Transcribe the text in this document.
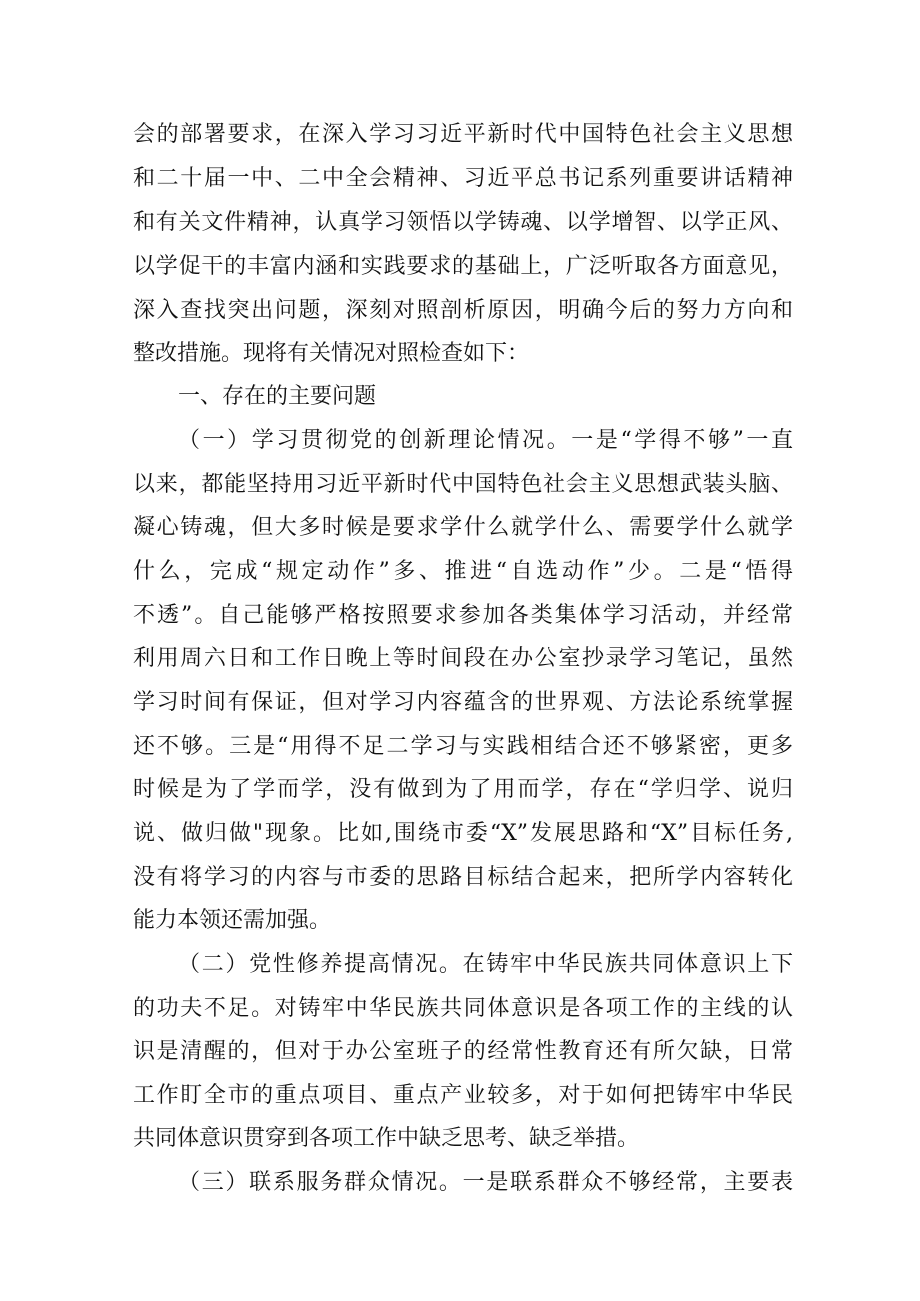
会的部署要求，在深入学习习近平新时代中国特色社会主义思想
和二十届一中、二中全会精神、习近平总书记系列重要讲话精神
和有关文件精神，认真学习领悟以学铸魂、以学增智、以学正风、
以学促干的丰富内涵和实践要求的基础上，广泛听取各方面意见，
深入查找突出问题，深刻对照剖析原因，明确今后的努力方向和
整改措施。现将有关情况对照检查如下：
一、存在的主要问题
（一）学习贯彻党的创新理论情况。一是“学得不够”一直
以来，都能坚持用习近平新时代中国特色社会主义思想武装头脑、
凝心铸魂，但大多时候是要求学什么就学什么、需要学什么就学
什么，完成“规定动作”多、推进“自选动作”少。二是“悟得
不透”。自己能够严格按照要求参加各类集体学习活动，并经常
利用周六日和工作日晚上等时间段在办公室抄录学习笔记，虽然
学习时间有保证，但对学习内容蕴含的世界观、方法论系统掌握
还不够。三是“用得不足二学习与实践相结合还不够紧密，更多
时候是为了学而学，没有做到为了用而学，存在“学归学、说归
说、做归做"现象。比如,围绕市委“X”发展思路和“X”目标任务,
没有将学习的内容与市委的思路目标结合起来，把所学内容转化
能力本领还需加强。
（二）党性修养提高情况。在铸牢中华民族共同体意识上下
的功夫不足。对铸牢中华民族共同体意识是各项工作的主线的认
识是清醒的，但对于办公室班子的经常性教育还有所欠缺，日常
工作盯全市的重点项目、重点产业较多，对于如何把铸牢中华民
共同体意识贯穿到各项工作中缺乏思考、缺乏举措。
（三）联系服务群众情况。一是联系群众不够经常，主要表
